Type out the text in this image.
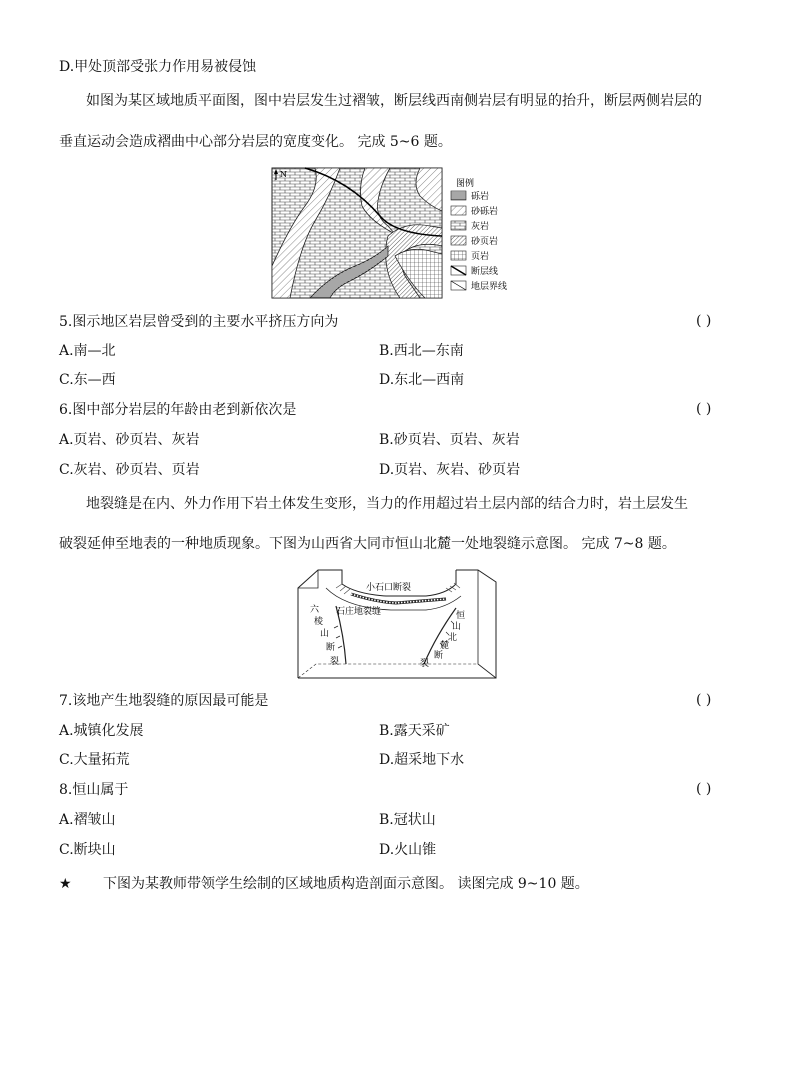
D.甲处顶部受张力作用易被侵蚀
如图为某区域地质平面图，图中岩层发生过褶皱，断层线西南侧岩层有明显的抬升，断层两侧岩层的
垂直运动会造成褶曲中心部分岩层的宽度变化。 完成 5~6 题。
N
图例
砾岩
砂砾岩
灰岩
砂页岩
页岩
断层线
地层界线
5.图示地区岩层曾受到的主要水平挤压方向为	( )
A.南—北	B.西北—东南
C.东—西	D.东北—西南
6.图中部分岩层的年龄由老到新依次是	( )
A.页岩、砂页岩、灰岩	B.砂页岩、页岩、灰岩
C.灰岩、砂页岩、页岩	D.页岩、灰岩、砂页岩
地裂缝是在内、外力作用下岩土体发生变形，当力的作用超过岩土层内部的结合力时，岩土层发生
破裂延伸至地表的一种地质现象。下图为山西省大同市恒山北麓一处地裂缝示意图。 完成 7~8 题。
小石口断裂
石庄地裂缝
六
棱
山
断
裂
恒
山
北
麓
断
裂
7.该地产生地裂缝的原因最可能是	( )
A.城镇化发展	B.露天采矿
C.大量拓荒	D.超采地下水
8.恒山属于	( )
A.褶皱山	B.冠状山
C.断块山	D.火山锥
★ 下图为某教师带领学生绘制的区域地质构造剖面示意图。 读图完成 9~10 题。
